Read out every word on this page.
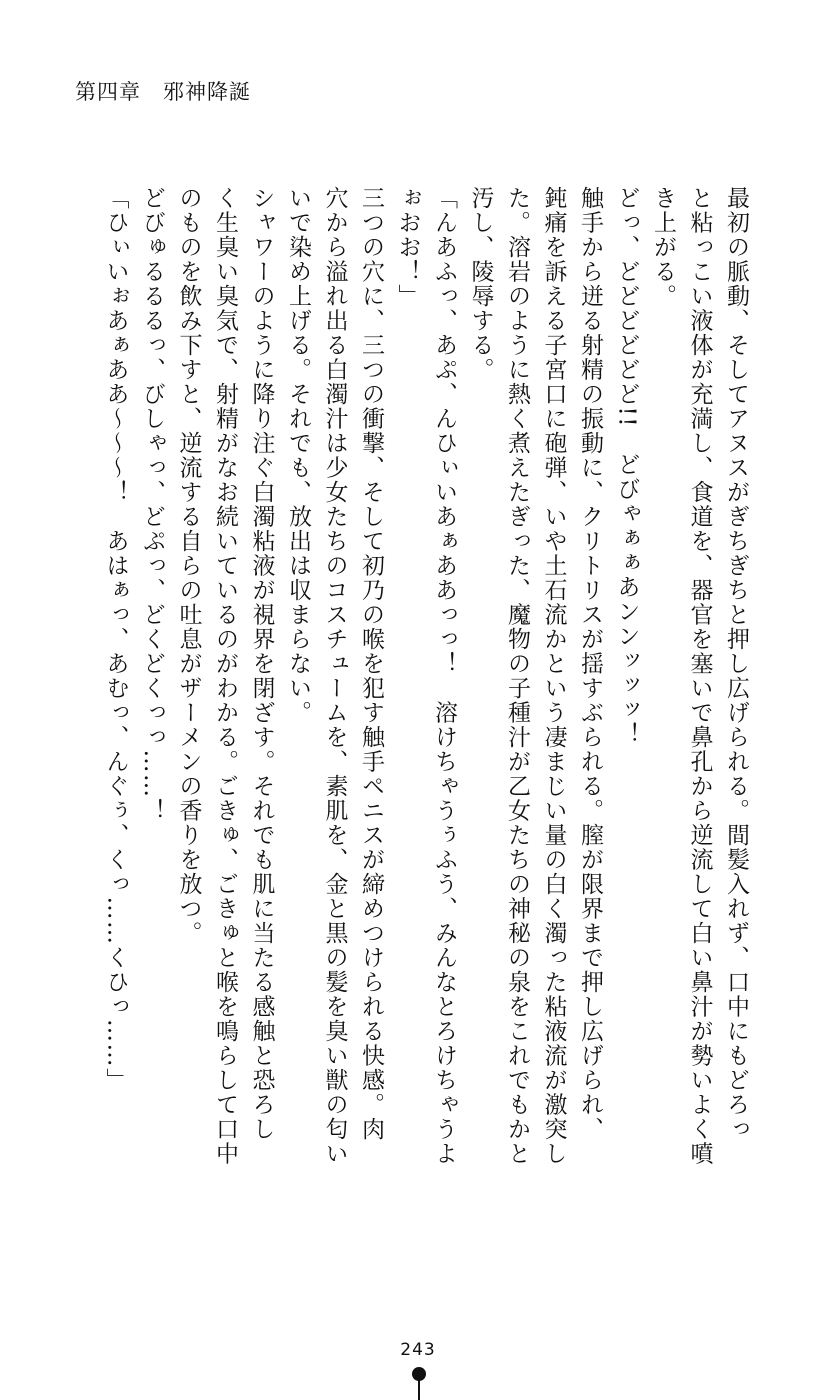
第四章　邪神降誕

最初の脈動、そしてアヌスがぎちぎちと押し広げられる。間髪入れず、口中にもどろっ

と粘っこい液体が充満し、食道を、器官を塞いで鼻孔から逆流して白い鼻汁が勢いよく噴

き上がる。

どっ、どどどどどど!!　どびゃぁぁあンンッッッ！

触手から迸る射精の振動に、クリトリスが揺すぶられる。膣が限界まで押し広げられ、

鈍痛を訴える子宮口に砲弾、いや土石流かという凄まじい量の白く濁った粘液流が激突し

た。溶岩のように熱く煮えたぎった、魔物の子種汁が乙女たちの神秘の泉をこれでもかと

汚し、陵辱する。

「んあふっ、あぷ、んひぃいあぁああっっ！　溶けちゃうぅふう、みんなとろけちゃうよ

ぉおお！」

三つの穴に、三つの衝撃、そして初乃の喉を犯す触手ペニスが締めつけられる快感。肉

穴から溢れ出る白濁汁は少女たちのコスチュームを、素肌を、金と黒の髪を臭い獣の匂い

いで染め上げる。それでも、放出は収まらない。

シャワーのように降り注ぐ白濁粘液が視界を閉ざす。それでも肌に当たる感触と恐ろし

く生臭い臭気で、射精がなお続いているのがわかる。ごきゅ、ごきゅと喉を鳴らして口中

のものを飲み下すと、逆流する自らの吐息がザーメンの香りを放つ。

どびゅるるるっ、びしゃっ、どぷっ、どくどくっっ……！

「ひぃいぉあぁああ〜〜〜！　あはぁっ、あむっ、んぐぅ、くっ……くひっ……」

243
